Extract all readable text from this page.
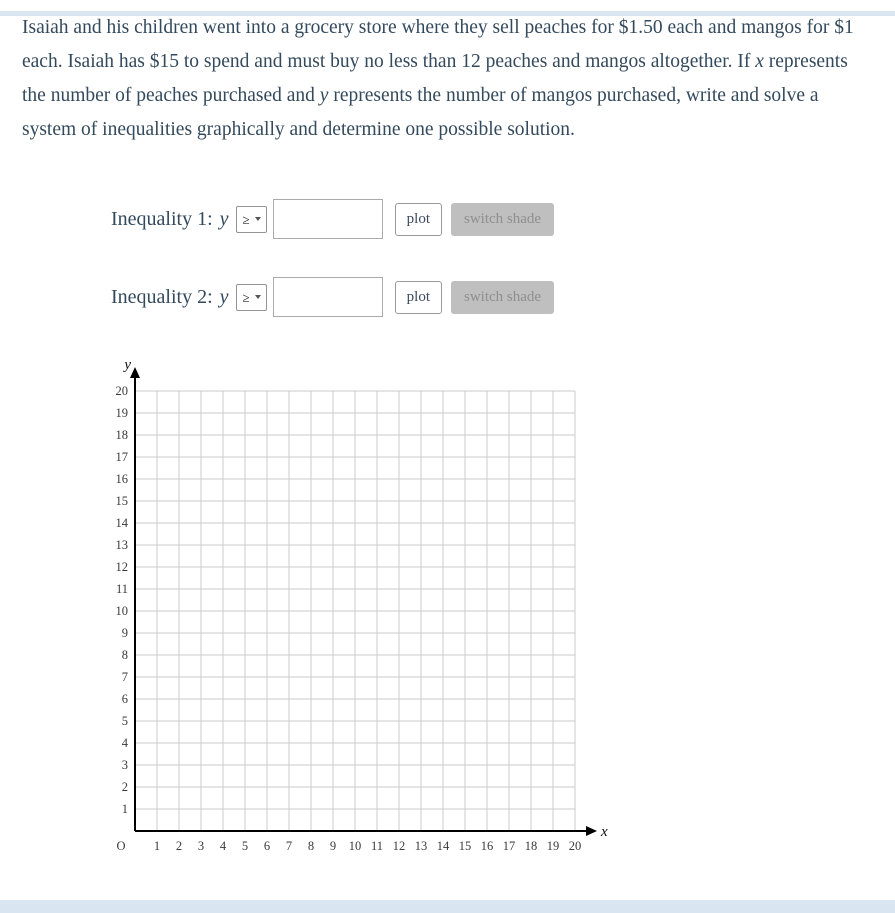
Isaiah and his children went into a grocery store where they sell peaches for $1.50 each and mangos for $1 each. Isaiah has $15 to spend and must buy no less than 12 peaches and mangos altogether. If x represents the number of peaches purchased and y represents the number of mangos purchased, write and solve a system of inequalities graphically and determine one possible solution.

Inequality 1: y ≥	plot	switch shade
Inequality 2: y ≥	plot	switch shade
1
2
3
4
5
6
7
8
9
10
11
12
13
14
15
16
17
18
19
20
1 2 3 4 5 6 7 8 9 10 11 12 13 14 15 16 17 18 19 20
O
x
y
